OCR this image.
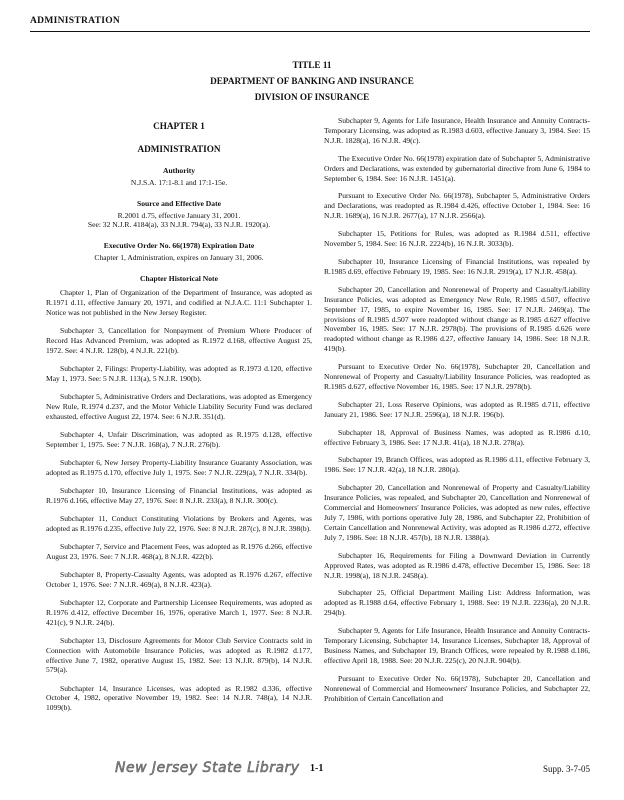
ADMINISTRATION
TITLE 11
DEPARTMENT OF BANKING AND INSURANCE
DIVISION OF INSURANCE
CHAPTER 1
ADMINISTRATION
Authority
N.J.S.A. 17:1-8.1 and 17:1-15e.
Source and Effective Date
R.2001 d.75, effective January 31, 2001.
See: 32 N.J.R. 4184(a), 33 N.J.R. 794(a), 33 N.J.R. 1920(a).
Executive Order No. 66(1978) Expiration Date
Chapter 1, Administration, expires on January 31, 2006.
Chapter Historical Note

Chapter 1, Plan of Organization of the Department of Insurance, was adopted as R.1971 d.11, effective January 20, 1971, and codified at N.J.A.C. 11:1 Subchapter 1. Notice was not published in the New Jersey Register.

Subchapter 3, Cancellation for Nonpayment of Premium Where Producer of Record Has Advanced Premium, was adopted as R.1972 d.168, effective August 25, 1972. See: 4 N.J.R. 128(b), 4 N.J.R. 221(b).

Subchapter 2, Filings: Property-Liability, was adopted as R.1973 d.120, effective May 1, 1973. See: 5 N.J.R. 113(a), 5 N.J.R. 190(b).

Subchapter 5, Administrative Orders and Declarations, was adopted as Emergency New Rule, R.1974 d.237, and the Motor Vehicle Liability Security Fund was declared exhausted, effective August 22, 1974. See: 6 N.J.R. 351(d).

Subchapter 4, Unfair Discrimination, was adopted as R.1975 d.128, effective September 1, 1975. See: 7 N.J.R. 168(a), 7 N.J.R. 276(b).

Subchapter 6, New Jersey Property-Liability Insurance Guaranty Association, was adopted as R.1975 d.170, effective July 1, 1975. See: 7 N.J.R. 229(a), 7 N.J.R. 334(b).

Subchapter 10, Insurance Licensing of Financial Institutions, was adopted as R.1976 d.166, effective May 27, 1976. See: 8 N.J.R. 233(a), 8 N.J.R. 300(c).

Subchapter 11, Conduct Constituting Violations by Brokers and Agents, was adopted as R.1976 d.235, effective July 22, 1976. See: 8 N.J.R. 287(c), 8 N.J.R. 398(b).

Subchapter 7, Service and Placement Fees, was adopted as R.1976 d.266, effective August 23, 1976. See: 7 N.J.R. 468(a), 8 N.J.R. 422(b).

Subchapter 8, Property-Casualty Agents, was adopted as R.1976 d.267, effective October 1, 1976. See: 7 N.J.R. 469(a), 8 N.J.R. 423(a).

Subchapter 12, Corporate and Partnership Licensee Requirements, was adopted as R.1976 d.412, effective December 16, 1976, operative March 1, 1977. See: 8 N.J.R. 421(c), 9 N.J.R. 24(b).

Subchapter 13, Disclosure Agreements for Motor Club Service Contracts sold in Connection with Automobile Insurance Policies, was adopted as R.1982 d.177, effective June 7, 1982, operative August 15, 1982. See: 13 N.J.R. 879(b), 14 N.J.R. 579(a).

Subchapter 14, Insurance Licenses, was adopted as R.1982 d.336, effective October 4, 1982, operative November 19, 1982. See: 14 N.J.R. 748(a), 14 N.J.R. 1099(b).

Subchapter 9, Agents for Life Insurance, Health Insurance and Annuity Contracts-Temporary Licensing, was adopted as R.1983 d.603, effective January 3, 1984. See: 15 N.J.R. 1828(a), 16 N.J.R. 49(c).

The Executive Order No. 66(1978) expiration date of Subchapter 5, Administrative Orders and Declarations, was extended by gubernatorial directive from June 6, 1984 to September 6, 1984. See: 16 N.J.R. 1451(a).

Pursuant to Executive Order No. 66(1978), Subchapter 5, Administrative Orders and Declarations, was readopted as R.1984 d.426, effective October 1, 1984. See: 16 N.J.R. 1689(a), 16 N.J.R. 2677(a), 17 N.J.R. 2566(a).

Subchapter 15, Petitions for Rules, was adopted as R.1984 d.511, effective November 5, 1984. See: 16 N.J.R. 2224(b), 16 N.J.R. 3033(b).

Subchapter 10, Insurance Licensing of Financial Institutions, was repealed by R.1985 d.69, effective February 19, 1985. See: 16 N.J.R. 2919(a), 17 N.J.R. 458(a).

Subchapter 20, Cancellation and Nonrenewal of Property and Casualty/Liability Insurance Policies, was adopted as Emergency New Rule, R.1985 d.507, effective September 17, 1985, to expire November 16, 1985. See: 17 N.J.R. 2469(a). The provisions of R.1985 d.507 were readopted without change as R.1985 d.627 effective November 16, 1985. See: 17 N.J.R. 2978(b). The provisions of R.1985 d.626 were readopted without change as R.1986 d.27, effective January 14, 1986. See: 18 N.J.R. 419(b).

Pursuant to Executive Order No. 66(1978), Subchapter 20, Cancellation and Nonrenewal of Property and Casualty/Liability Insurance Policies, was readopted as R.1985 d.627, effective November 16, 1985. See: 17 N.J.R. 2978(b).

Subchapter 21, Loss Reserve Opinions, was adopted as R.1985 d.711, effective January 21, 1986. See: 17 N.J.R. 2596(a), 18 N.J.R. 196(b).

Subchapter 18, Approval of Business Names, was adopted as R.1986 d.10, effective February 3, 1986. See: 17 N.J.R. 41(a), 18 N.J.R. 278(a).

Subchapter 19, Branch Offices, was adopted as R.1986 d.11, effective February 3, 1986. See: 17 N.J.R. 42(a), 18 N.J.R. 280(a).

Subchapter 20, Cancellation and Nonrenewal of Property and Casualty/Liability Insurance Policies, was repealed, and Subchapter 20, Cancellation and Nonrenewal of Commercial and Homeowners' Insurance Policies, was adopted as new rules, effective July 7, 1986, with portions operative July 28, 1986, and Subchapter 22, Prohibition of Certain Cancellation and Nonrenewal Activity, was adopted as R.1986 d.272, effective July 7, 1986. See: 18 N.J.R. 457(b), 18 N.J.R. 1388(a).

Subchapter 16, Requirements for Filing a Downward Deviation in Currently Approved Rates, was adopted as R.1986 d.478, effective December 15, 1986. See: 18 N.J.R. 1998(a), 18 N.J.R. 2458(a).

Subchapter 25, Official Department Mailing List: Address Information, was adopted as R.1988 d.64, effective February 1, 1988. See: 19 N.J.R. 2236(a), 20 N.J.R. 294(b).

Subchapter 9, Agents for Life Insurance, Health Insurance and Annuity Contracts-Temporary Licensing, Subchapter 14, Insurance Licenses, Subchapter 18, Approval of Business Names, and Subchapter 19, Branch Offices, were repealed by R.1988 d.186, effective April 18, 1988. See: 20 N.J.R. 225(c), 20 N.J.R. 904(b).

Pursuant to Executive Order No. 66(1978), Subchapter 20, Cancellation and Nonrenewal of Commercial and Homeowners' Insurance Policies, and Subchapter 22, Prohibition of Certain Cancellation and

New Jersey State Library 1-1	Supp. 3-7-05
